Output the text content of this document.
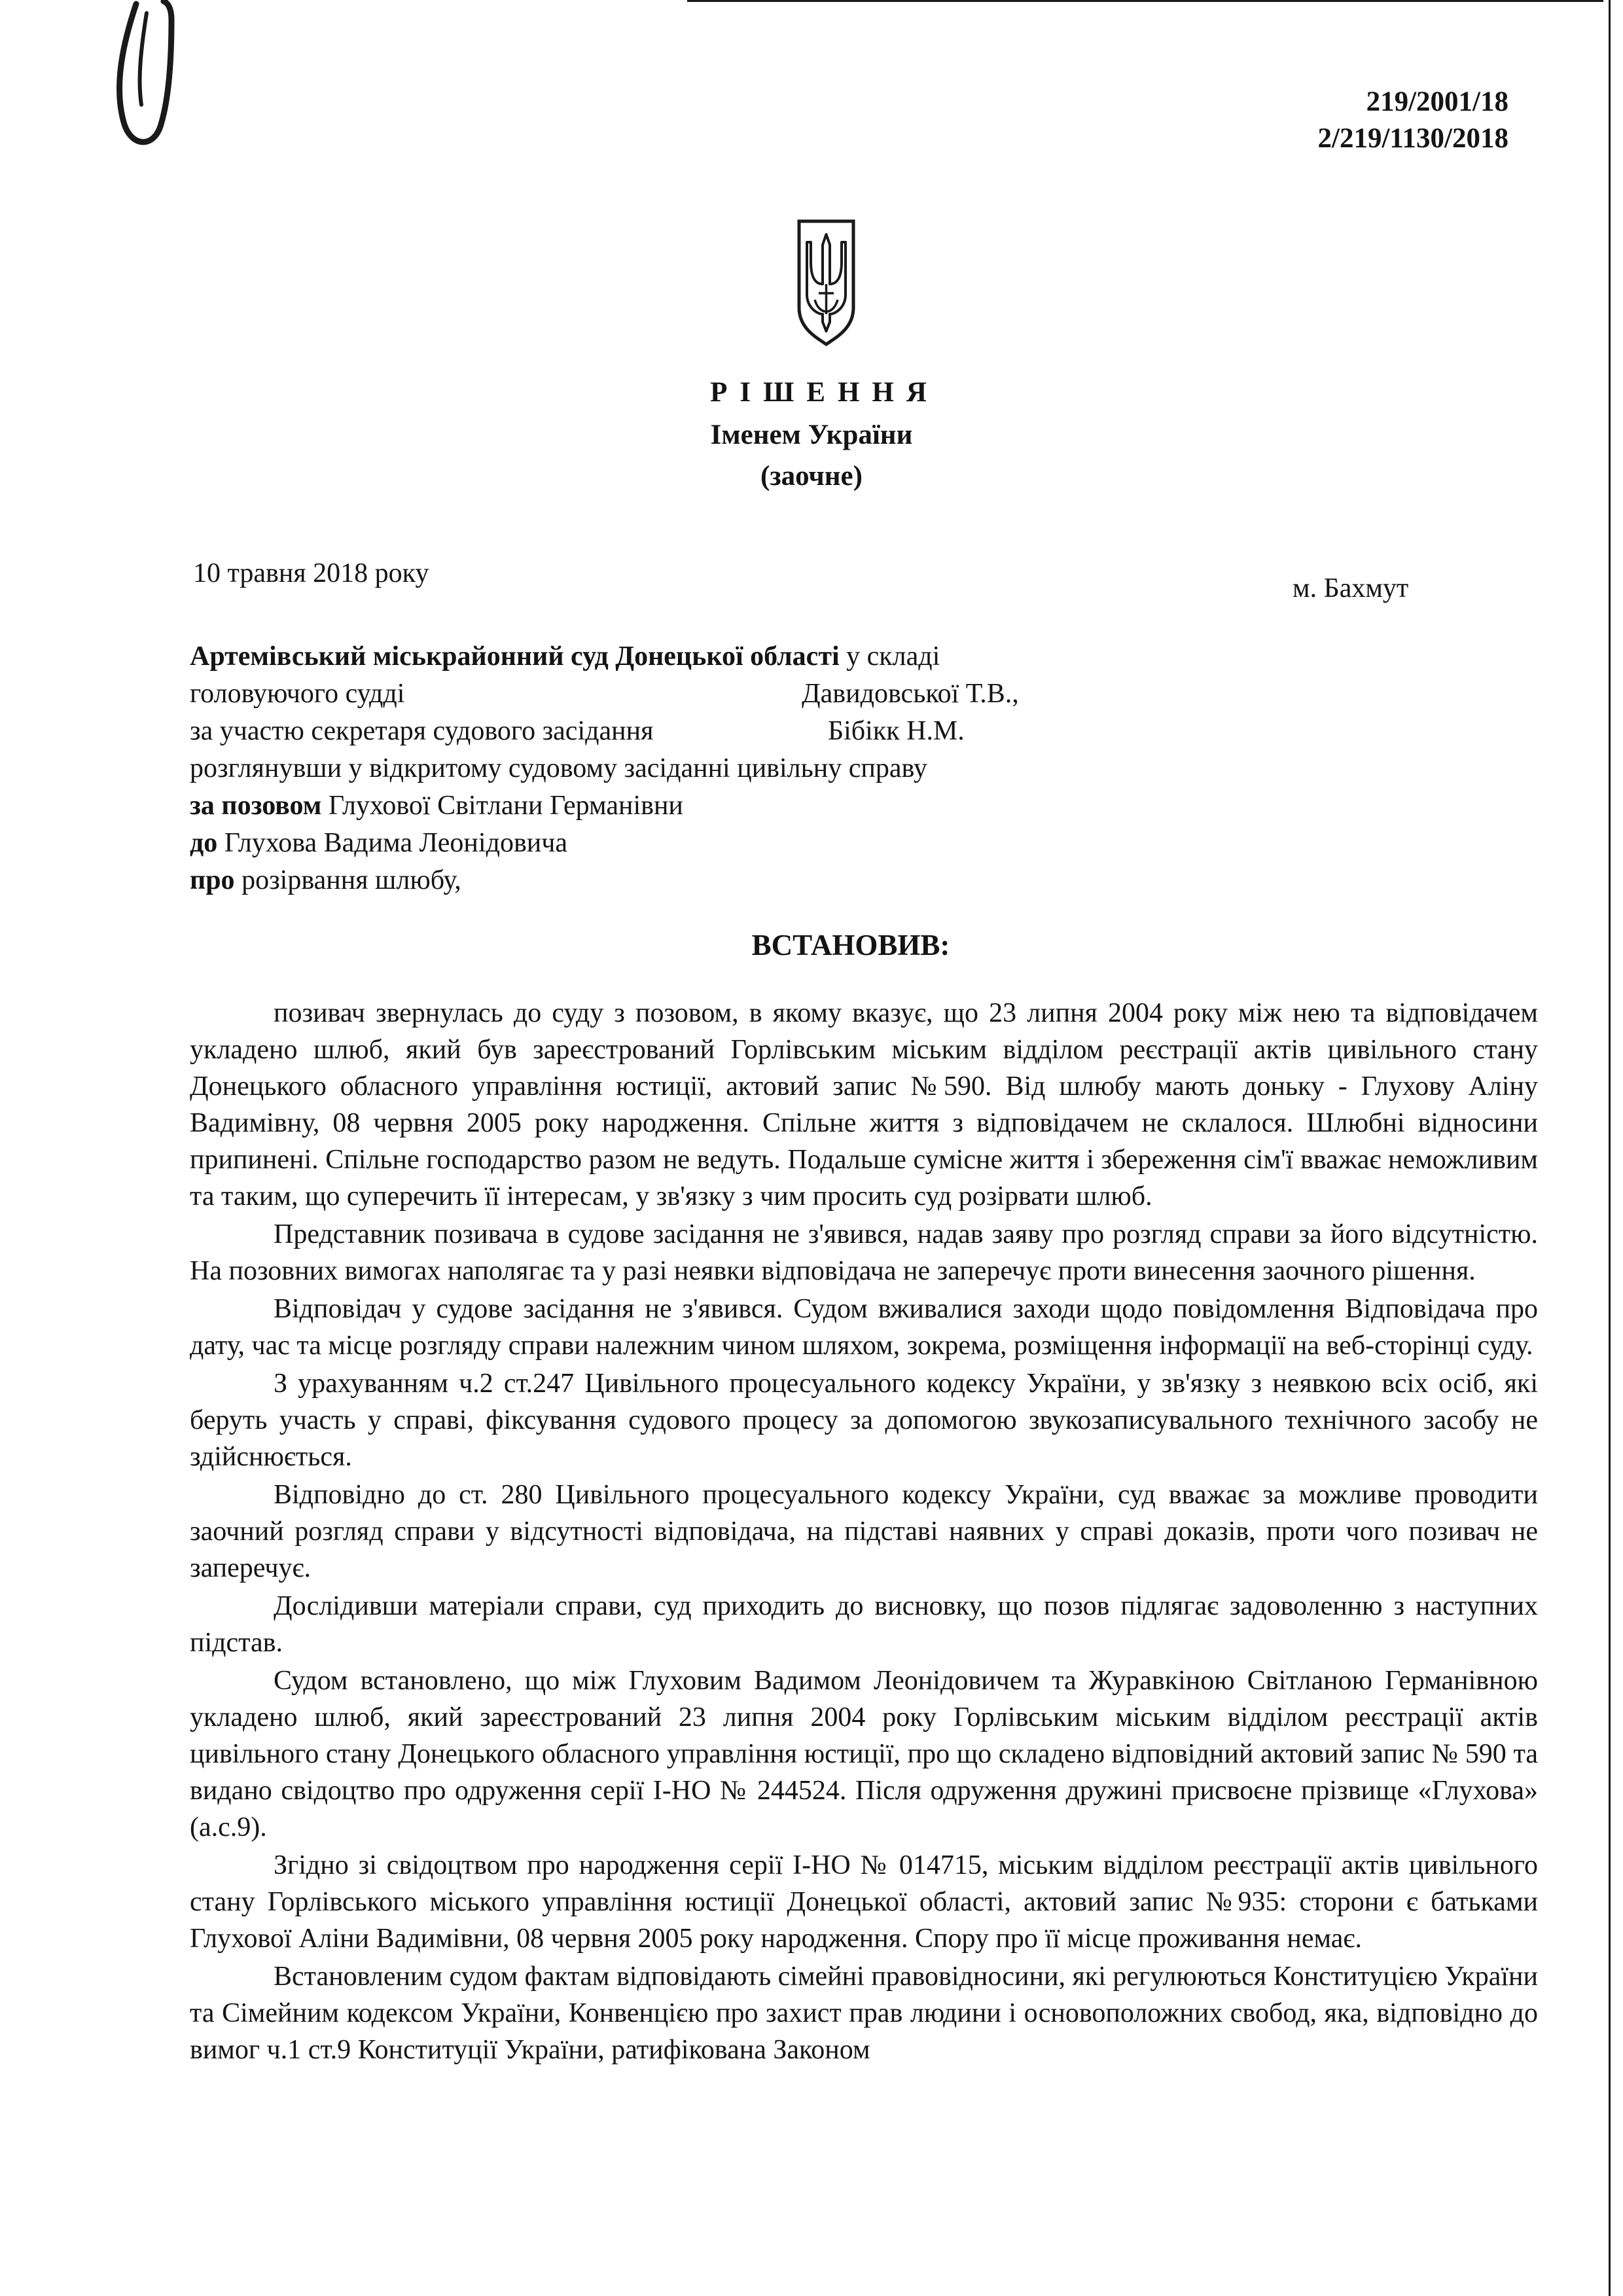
219/2001/18
2/219/1130/2018
РІШЕННЯ
Іменем України
(заочне)
10 травня 2018 року	м. Бахмут
Артемівський міськрайонний суд Донецької області у складі
головуючого судді	Давидовської Т.В.,
за участю секретаря судового засідання	Бібікк Н.М.
розглянувши у відкритому судовому засіданні цивільну справу
за позовом Глухової Світлани Германівни
до Глухова Вадима Леонідовича
про розірвання шлюбу,
ВСТАНОВИВ:

позивач звернулась до суду з позовом, в якому вказує, що 23 липня 2004 року між нею та відповідачем укладено шлюб, який був зареєстрований Горлівським міським відділом реєстрації актів цивільного стану Донецького обласного управління юстиції, актовий запис №590. Від шлюбу мають доньку - Глухову Аліну Вадимівну, 08 червня 2005 року народження. Спільне життя з відповідачем не склалося. Шлюбні відносини припинені. Спільне господарство разом не ведуть. Подальше сумісне життя і збереження сім'ї вважає неможливим та таким, що суперечить її інтересам, у зв'язку з чим просить суд розірвати шлюб.

Представник позивача в судове засідання не з'явився, надав заяву про розгляд справи за його відсутністю. На позовних вимогах наполягає та у разі неявки відповідача не заперечує проти винесення заочного рішення.

Відповідач у судове засідання не з'явився. Судом вживалися заходи щодо повідомлення Відповідача про дату, час та місце розгляду справи належним чином шляхом, зокрема, розміщення інформації на веб-сторінці суду.

З урахуванням ч.2 ст.247 Цивільного процесуального кодексу України, у зв'язку з неявкою всіх осіб, які беруть участь у справі, фіксування судового процесу за допомогою звукозаписувального технічного засобу не здійснюється.

Відповідно до ст. 280 Цивільного процесуального кодексу України, суд вважає за можливе проводити заочний розгляд справи у відсутності відповідача, на підставі наявних у справі доказів, проти чого позивач не заперечує.

Дослідивши матеріали справи, суд приходить до висновку, що позов підлягає задоволенню з наступних підстав.

Судом встановлено, що між Глуховим Вадимом Леонідовичем та Журавкіною Світланою Германівною укладено шлюб, який зареєстрований 23 липня 2004 року Горлівським міським відділом реєстрації актів цивільного стану Донецького обласного управління юстиції, про що складено відповідний актовий запис № 590 та видано свідоцтво про одруження серії І-НО № 244524. Після одруження дружині присвоєне прізвище «Глухова» (а.с.9).

Згідно зі свідоцтвом про народження серії І-НО № 014715, міським відділом реєстрації актів цивільного стану Горлівського міського управління юстиції Донецької області, актовий запис №935: сторони є батьками Глухової Аліни Вадимівни, 08 червня 2005 року народження. Спору про її місце проживання немає.

Встановленим судом фактам відповідають сімейні правовідносини, які регулюються Конституцією України та Сімейним кодексом України, Конвенцією про захист прав людини і основоположних свобод, яка, відповідно до вимог ч.1 ст.9 Конституції України, ратифікована Законом
